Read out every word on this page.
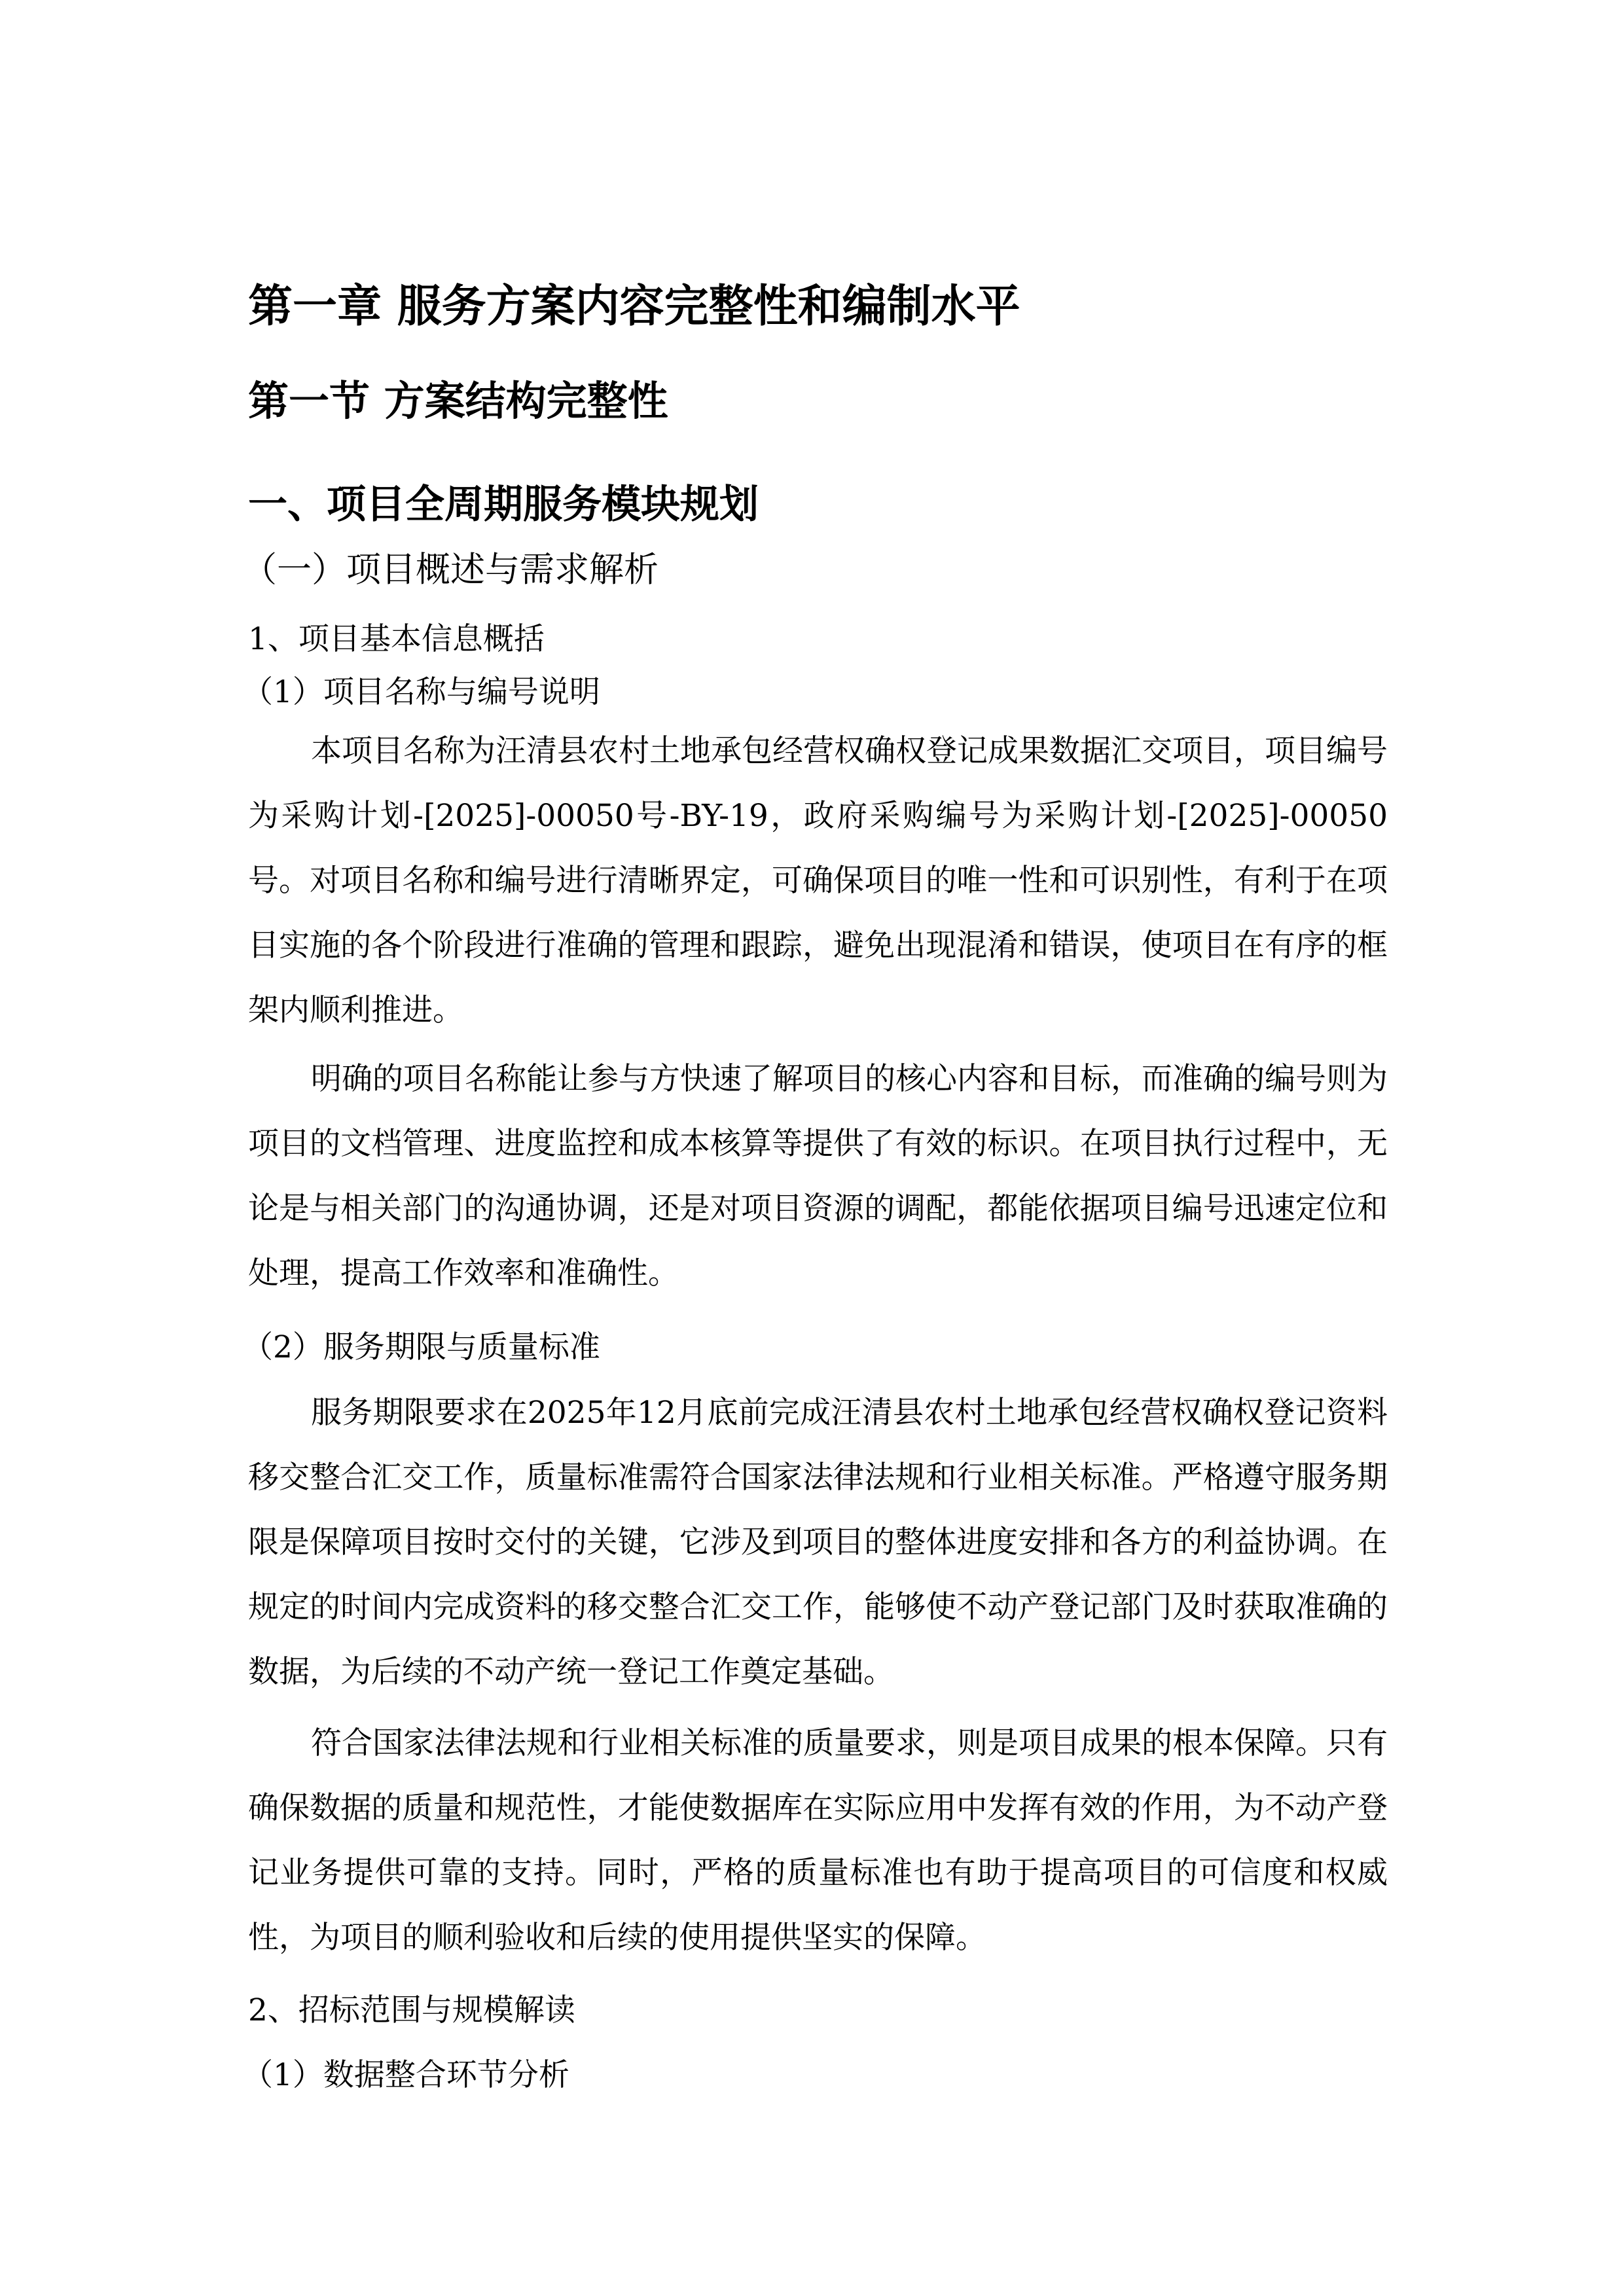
第一章 服务方案内容完整性和编制水平
第一节 方案结构完整性
一、项目全周期服务模块规划
（一）项目概述与需求解析
1、项目基本信息概括
（1）项目名称与编号说明

本项目名称为汪清县农村土地承包经营权确权登记成果数据汇交项目，项目编号为采购计划-[2025]-00050号-BY-19，政府采购编号为采购计划-[2025]-00050号。对项目名称和编号进行清晰界定，可确保项目的唯一性和可识别性，有利于在项目实施的各个阶段进行准确的管理和跟踪，避免出现混淆和错误，使项目在有序的框架内顺利推进。

明确的项目名称能让参与方快速了解项目的核心内容和目标，而准确的编号则为项目的文档管理、进度监控和成本核算等提供了有效的标识。在项目执行过程中，无论是与相关部门的沟通协调，还是对项目资源的调配，都能依据项目编号迅速定位和处理，提高工作效率和准确性。

（2）服务期限与质量标准

服务期限要求在2025年12月底前完成汪清县农村土地承包经营权确权登记资料移交整合汇交工作，质量标准需符合国家法律法规和行业相关标准。严格遵守服务期限是保障项目按时交付的关键，它涉及到项目的整体进度安排和各方的利益协调。在规定的时间内完成资料的移交整合汇交工作，能够使不动产登记部门及时获取准确的数据，为后续的不动产统一登记工作奠定基础。

符合国家法律法规和行业相关标准的质量要求，则是项目成果的根本保障。只有确保数据的质量和规范性，才能使数据库在实际应用中发挥有效的作用，为不动产登记业务提供可靠的支持。同时，严格的质量标准也有助于提高项目的可信度和权威性，为项目的顺利验收和后续的使用提供坚实的保障。

2、招标范围与规模解读
（1）数据整合环节分析
